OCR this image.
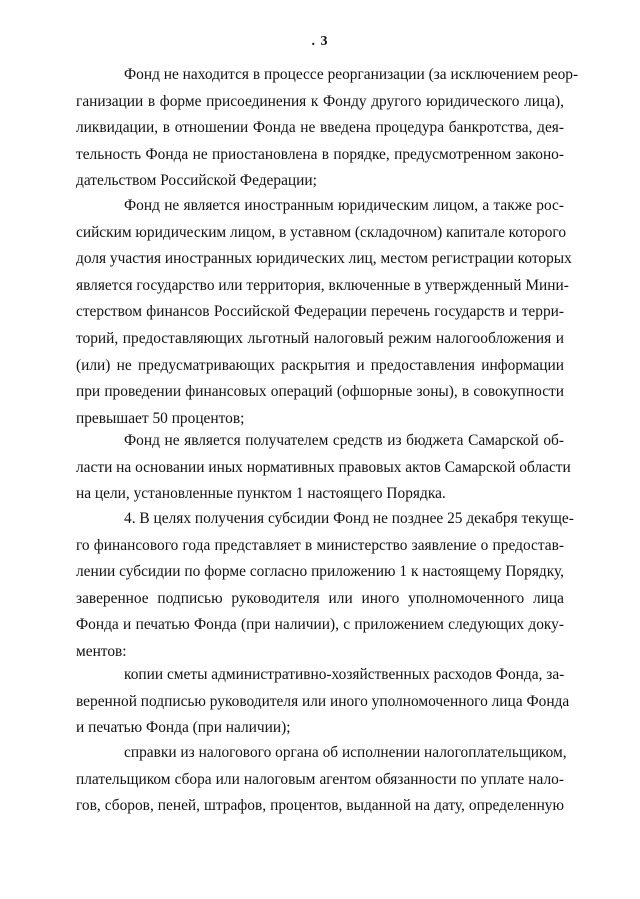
. 3
Фонд не находится в процессе реорганизации (за исключением реор-
ганизации в форме присоединения к Фонду другого юридического лица),
ликвидации, в отношении Фонда не введена процедура банкротства, дея-
тельность Фонда не приостановлена в порядке, предусмотренном законо-
дательством Российской Федерации;
Фонд не является иностранным юридическим лицом, а также рос-
сийским юридическим лицом, в уставном (складочном) капитале которого
доля участия иностранных юридических лиц, местом регистрации которых
является государство или территория, включенные в утвержденный Мини-
стерством финансов Российской Федерации перечень государств и терри-
торий, предоставляющих льготный налоговый режим налогообложения и
(или) не предусматривающих раскрытия и предоставления информации
при проведении финансовых операций (офшорные зоны), в совокупности
превышает 50 процентов;
Фонд не является получателем средств из бюджета Самарской об-
ласти на основании иных нормативных правовых актов Самарской области
на цели, установленные пунктом 1 настоящего Порядка.
4. В целях получения субсидии Фонд не позднее 25 декабря текуще-
го финансового года представляет в министерство заявление о предостав-
лении субсидии по форме согласно приложению 1 к настоящему Порядку,
заверенное подписью руководителя или иного уполномоченного лица
Фонда и печатью Фонда (при наличии), с приложением следующих доку-
ментов:
копии сметы административно-хозяйственных расходов Фонда, за-
веренной подписью руководителя или иного уполномоченного лица Фонда
и печатью Фонда (при наличии);
справки из налогового органа об исполнении налогоплательщиком,
плательщиком сбора или налоговым агентом обязанности по уплате нало-
гов, сборов, пеней, штрафов, процентов, выданной на дату, определенную
